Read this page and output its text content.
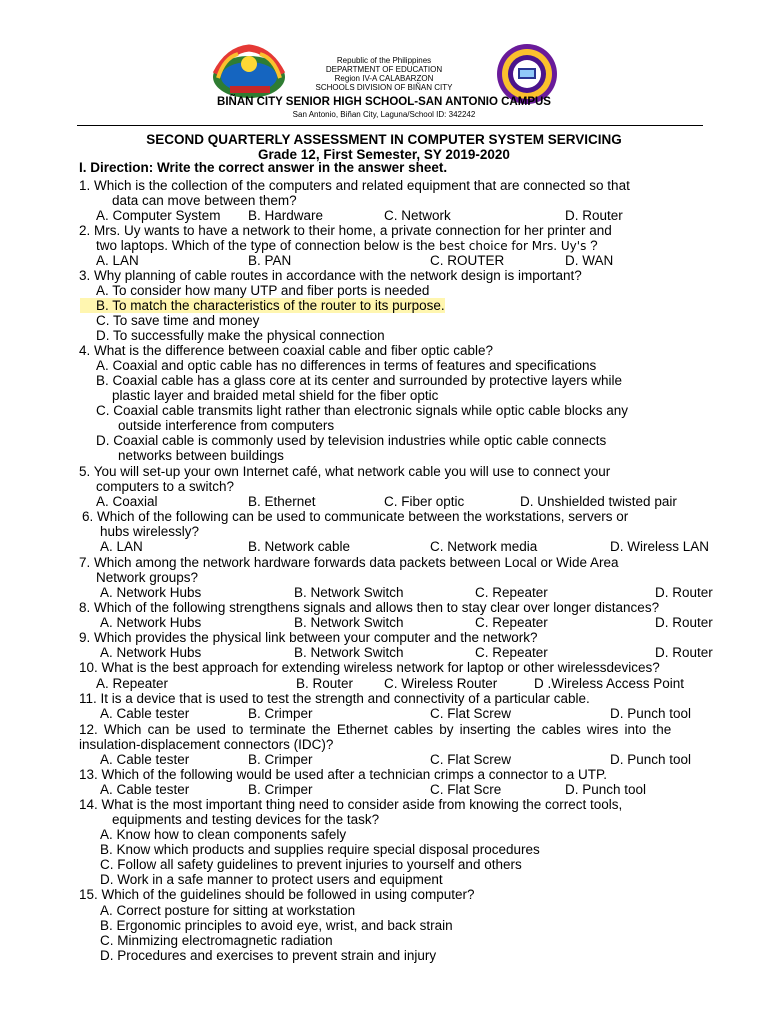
Republic of the Philippines
DEPARTMENT OF EDUCATION
Region IV-A CALABARZON
SCHOOLS DIVISION OF BIÑAN CITY
BIÑAN CITY SENIOR HIGH SCHOOL-SAN ANTONIO CAMPUS
San Antonio, Biñan City, Laguna/School ID: 342242
SECOND QUARTERLY ASSESSMENT IN COMPUTER SYSTEM SERVICING
Grade 12, First Semester, SY 2019-2020
I. Direction: Write the correct answer in the answer sheet.
1. Which is the collection of the computers and related equipment that are connected so that
data can move between them?
A. Computer System B. Hardware	C. Network	D. Router
2. Mrs. Uy wants to have a network to their home, a private connection for her printer and
two laptops. Which of the type of connection below is the best choice for Mrs. Uy's ?
A. LAN	B. PAN	C. ROUTER	D. WAN
3. Why planning of cable routes in accordance with the network design is important?
A. To consider how many UTP and fiber ports is needed
B. To match the characteristics of the router to its purpose.
C. To save time and money
D. To successfully make the physical connection
4. What is the difference between coaxial cable and fiber optic cable?
A. Coaxial and optic cable has no differences in terms of features and specifications
B. Coaxial cable has a glass core at its center and surrounded by protective layers while
plastic layer and braided metal shield for the fiber optic
C. Coaxial cable transmits light rather than electronic signals while optic cable blocks any
outside interference from computers
D. Coaxial cable is commonly used by television industries while optic cable connects
networks between buildings
5. You will set-up your own Internet café, what network cable you will use to connect your
computers to a switch?
A. Coaxial	B. Ethernet	C. Fiber optic	D. Unshielded twisted pair
6. Which of the following can be used to communicate between the workstations, servers or
hubs wirelessly?
A. LAN	B. Network cable	C. Network media	D. Wireless LAN
7. Which among the network hardware forwards data packets between Local or Wide Area
Network groups?
A. Network Hubs	B. Network Switch	C. Repeater	D. Router
8. Which of the following strengthens signals and allows then to stay clear over longer distances?
A. Network Hubs	B. Network Switch	C. Repeater	D. Router
9. Which provides the physical link between your computer and the network?
A. Network Hubs	B. Network Switch	C. Repeater	D. Router
10. What is the best approach for extending wireless network for laptop or other wirelessdevices?
A. Repeater	B. Router C. Wireless Router	D .Wireless Access Point
11. It is a device that is used to test the strength and connectivity of a particular cable.
A. Cable tester	B. Crimper	C. Flat Screw	D. Punch tool
12. Which can be used to terminate the Ethernet cables by inserting the cables wires into the
insulation-displacement connectors (IDC)?
A. Cable tester	B. Crimper	C. Flat Screw	D. Punch tool
13. Which of the following would be used after a technician crimps a connector to a UTP.
A. Cable tester	B. Crimper	C. Flat Scre	D. Punch tool
14. What is the most important thing need to consider aside from knowing the correct tools,
equipments and testing devices for the task?
A. Know how to clean components safely
B. Know which products and supplies require special disposal procedures
C. Follow all safety guidelines to prevent injuries to yourself and others
D. Work in a safe manner to protect users and equipment
15. Which of the guidelines should be followed in using computer?
A. Correct posture for sitting at workstation
B. Ergonomic principles to avoid eye, wrist, and back strain
C. Minmizing electromagnetic radiation
D. Procedures and exercises to prevent strain and injury
